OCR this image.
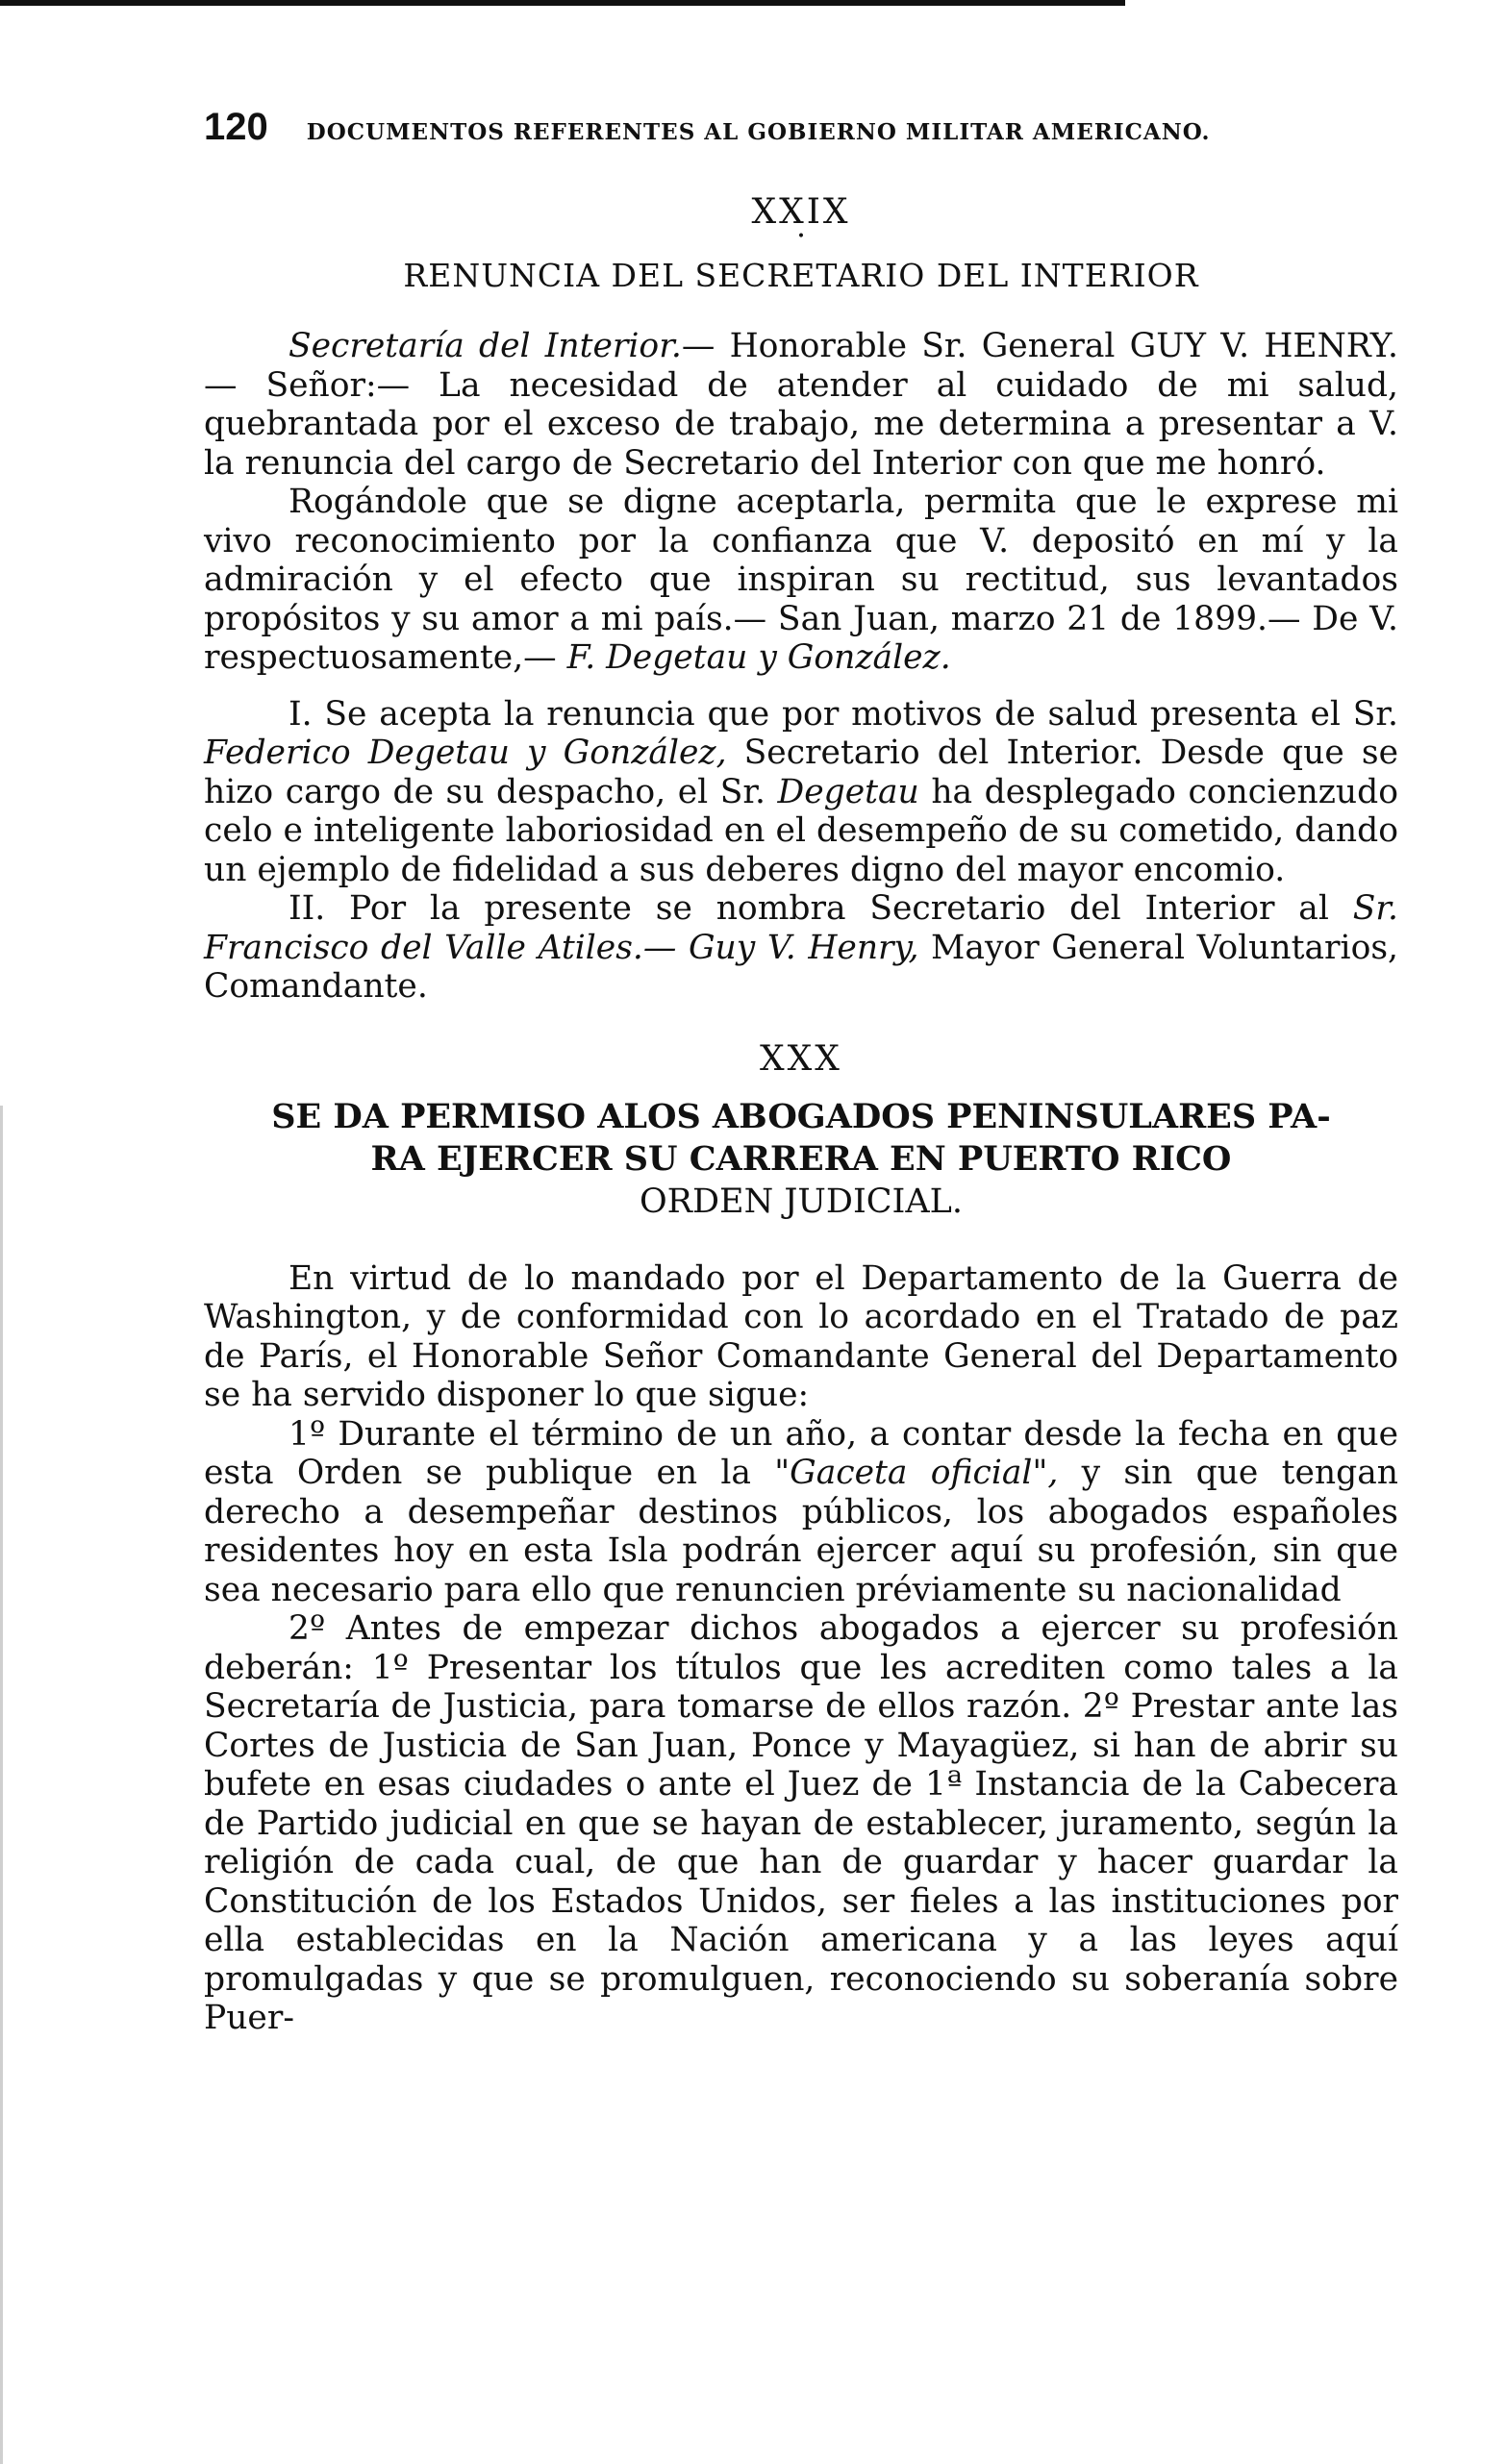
120 DOCUMENTOS REFERENTES AL GOBIERNO MILITAR AMERICANO.
XXIX
•
RENUNCIA DEL SECRETARIO DEL INTERIOR

Secretaría del Interior.— Honorable Sr. General GUY V. HENRY.— Señor:— La necesidad de atender al cuidado de mi salud, quebrantada por el exceso de trabajo, me determina a presentar a V. la renuncia del cargo de Secretario del Interior con que me honró.

Rogándole que se digne aceptarla, permita que le exprese mi vivo reconocimiento por la confianza que V. depositó en mí y la admiración y el efecto que inspiran su rectitud, sus levantados propósitos y su amor a mi país.— San Juan, marzo 21 de 1899.— De V. respectuosamente,— F. Degetau y González.

I. Se acepta la renuncia que por motivos de salud presenta el Sr. Federico Degetau y González, Secretario del Interior. Desde que se hizo cargo de su despacho, el Sr. Degetau ha desplegado concienzudo celo e inteligente laboriosidad en el desempeño de su cometido, dando un ejemplo de fidelidad a sus deberes digno del mayor encomio.

II. Por la presente se nombra Secretario del Interior al Sr. Francisco del Valle Atiles.— Guy V. Henry, Mayor General Voluntarios, Comandante.

XXX
SE DA PERMISO ALOS ABOGADOS PENINSULARES PA-
RA EJERCER SU CARRERA EN PUERTO RICO
ORDEN JUDICIAL.

En virtud de lo mandado por el Departamento de la Guerra de Washington, y de conformidad con lo acordado en el Tratado de paz de París, el Honorable Señor Comandante General del Departamento se ha servido disponer lo que sigue:

1º Durante el término de un año, a contar desde la fecha en que esta Orden se publique en la "Gaceta oficial", y sin que tengan derecho a desempeñar destinos públicos, los abogados españoles residentes hoy en esta Isla podrán ejercer aquí su profesión, sin que sea necesario para ello que renuncien préviamente su nacionalidad

2º Antes de empezar dichos abogados a ejercer su profesión deberán: 1º Presentar los títulos que les acrediten como tales a la Secretaría de Justicia, para tomarse de ellos razón. 2º Prestar ante las Cortes de Justicia de San Juan, Ponce y Mayagüez, si han de abrir su bufete en esas ciudades o ante el Juez de 1ª Instancia de la Cabecera de Partido judicial en que se hayan de establecer, juramento, según la religión de cada cual, de que han de guardar y hacer guardar la Constitución de los Estados Unidos, ser fieles a las instituciones por ella establecidas en la Nación americana y a las leyes aquí promulgadas y que se promulguen, reconociendo su soberanía sobre Puer-
